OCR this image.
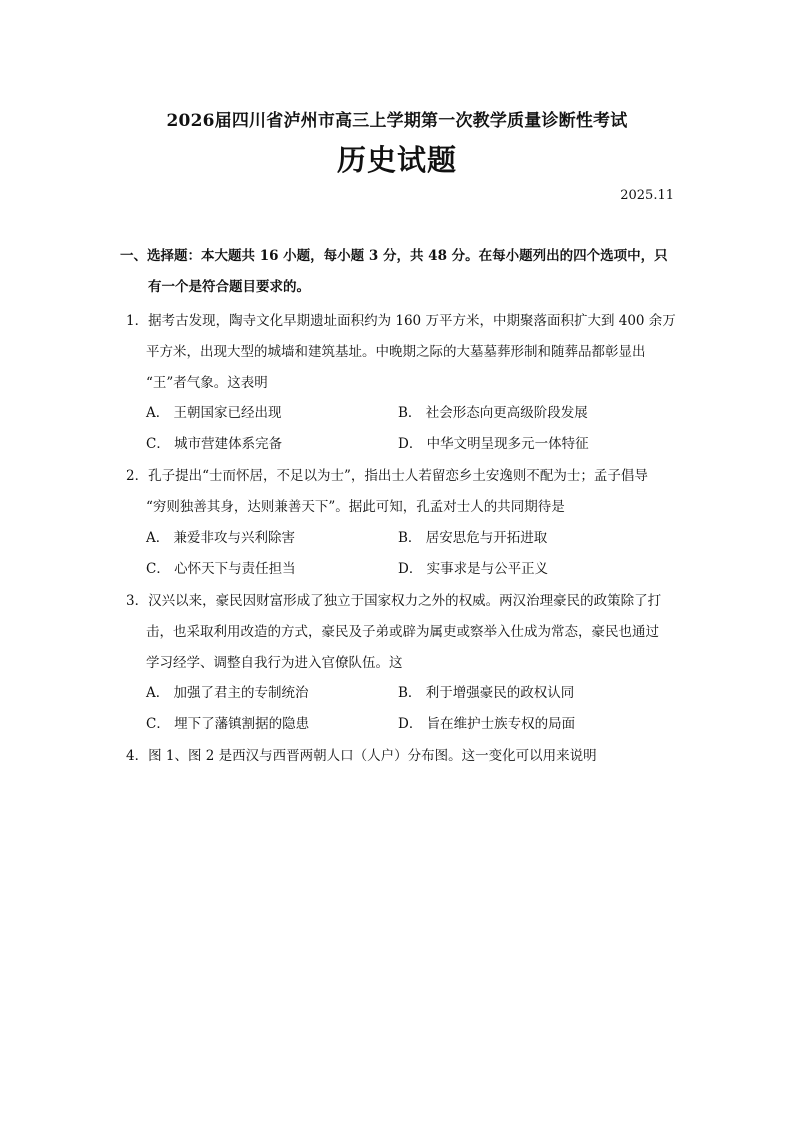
2026届四川省泸州市高三上学期第一次教学质量诊断性考试
历史试题
2025.11
一、选择题：本大题共 16 小题，每小题 3 分，共 48 分。在每小题列出的四个选项中，只
有一个是符合题目要求的。
1．据考古发现，陶寺文化早期遗址面积约为 160 万平方米，中期聚落面积扩大到 400 余万
平方米，出现大型的城墙和建筑基址。中晚期之际的大墓墓葬形制和随葬品都彰显出
“王”者气象。这表明
A． 王朝国家已经出现	B． 社会形态向更高级阶段发展
C． 城市营建体系完备	D． 中华文明呈现多元一体特征
2．孔子提出“士而怀居，不足以为士”，指出士人若留恋乡土安逸则不配为士；孟子倡导
“穷则独善其身，达则兼善天下”。据此可知，孔孟对士人的共同期待是
A． 兼爱非攻与兴利除害	B． 居安思危与开拓进取
C． 心怀天下与责任担当	D． 实事求是与公平正义
3．汉兴以来，豪民因财富形成了独立于国家权力之外的权威。两汉治理豪民的政策除了打
击，也采取利用改造的方式，豪民及子弟或辟为属吏或察举入仕成为常态，豪民也通过
学习经学、调整自我行为进入官僚队伍。这
A． 加强了君主的专制统治	B． 利于增强豪民的政权认同
C． 埋下了藩镇割据的隐患	D． 旨在维护士族专权的局面
4．图 1、图 2 是西汉与西晋两朝人口（人户）分布图。这一变化可以用来说明
